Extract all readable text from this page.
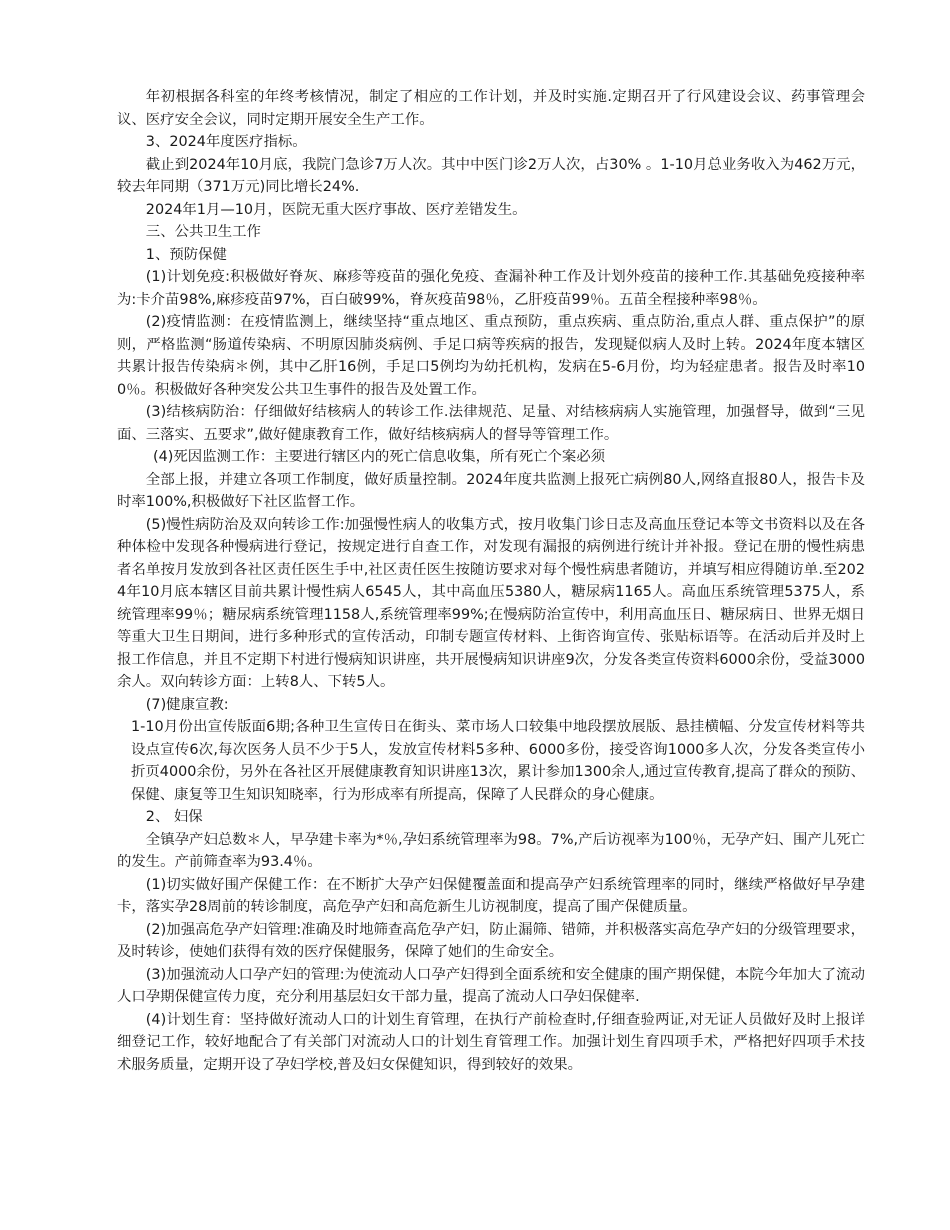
年初根据各科室的年终考核情况，制定了相应的工作计划，并及时实施.定期召开了行风建设会议、药事管理会议、医疗安全会议，同时定期开展安全生产工作。

3、2024年度医疗指标。

截止到2024年10月底，我院门急诊7万人次。其中中医门诊2万人次，占30% 。1-10月总业务收入为462万元，较去年同期（371万元)同比增长24%.

2024年1月—10月，医院无重大医疗事故、医疗差错发生。

三、公共卫生工作

1、预防保健

(1)计划免疫:积极做好脊灰、麻疹等疫苗的强化免疫、查漏补种工作及计划外疫苗的接种工作.其基础免疫接种率为:卡介苗98%,麻疹疫苗97%，百白破99%，脊灰疫苗98％，乙肝疫苗99％。五苗全程接种率98％。

(2)疫情监测：在疫情监测上，继续坚持“重点地区、重点预防，重点疾病、重点防治,重点人群、重点保护”的原则，严格监测“肠道传染病、不明原因肺炎病例、手足口病等疾病的报告，发现疑似病人及时上转。2024年度本辖区共累计报告传染病＊例，其中乙肝16例，手足口5例均为幼托机构，发病在5-6月份，均为轻症患者。报告及时率100％。积极做好各种突发公共卫生事件的报告及处置工作。

(3)结核病防治：仔细做好结核病人的转诊工作.法律规范、足量、对结核病病人实施管理，加强督导，做到“三见面、三落实、五要求”,做好健康教育工作，做好结核病病人的督导等管理工作。

(4)死因监测工作：主要进行辖区内的死亡信息收集，所有死亡个案必须

全部上报，并建立各项工作制度，做好质量控制。2024年度共监测上报死亡病例80人,网络直报80人，报告卡及时率100%,积极做好下社区监督工作。

(5)慢性病防治及双向转诊工作:加强慢性病人的收集方式，按月收集门诊日志及高血压登记本等文书资料以及在各种体检中发现各种慢病进行登记，按规定进行自查工作，对发现有漏报的病例进行统计并补报。登记在册的慢性病患者名单按月发放到各社区责任医生手中,社区责任医生按随访要求对每个慢性病患者随访，并填写相应得随访单.至2024年10月底本辖区目前共累计慢性病人6545人，其中高血压5380人，糖尿病1165人。高血压系统管理5375人，系统管理率99％；糖尿病系统管理1158人,系统管理率99%;在慢病防治宣传中，利用高血压日、糖尿病日、世界无烟日等重大卫生日期间，进行多种形式的宣传活动，印制专题宣传材料、上街咨询宣传、张贴标语等。在活动后并及时上报工作信息，并且不定期下村进行慢病知识讲座，共开展慢病知识讲座9次，分发各类宣传资料6000余份，受益3000余人。双向转诊方面：上转8人、下转5人。

(7)健康宣教:

1-10月份出宣传版面6期;各种卫生宣传日在街头、菜市场人口较集中地段摆放展版、悬挂横幅、分发宣传材料等共设点宣传6次,每次医务人员不少于5人，发放宣传材料5多种、6000多份，接受咨询1000多人次，分发各类宣传小折页4000余份，另外在各社区开展健康教育知识讲座13次，累计参加1300余人,通过宣传教育,提高了群众的预防、保健、康复等卫生知识知晓率，行为形成率有所提高，保障了人民群众的身心健康。

2、 妇保

全镇孕产妇总数＊人，早孕建卡率为*％,孕妇系统管理率为98。7%,产后访视率为100％，无孕产妇、围产儿死亡的发生。产前筛查率为93.4％。

(1)切实做好围产保健工作：在不断扩大孕产妇保健覆盖面和提高孕产妇系统管理率的同时，继续严格做好早孕建卡，落实孕28周前的转诊制度，高危孕产妇和高危新生儿访视制度，提高了围产保健质量。

(2)加强高危孕产妇管理:准确及时地筛查高危孕产妇，防止漏筛、错筛，并积极落实高危孕产妇的分级管理要求，及时转诊，使她们获得有效的医疗保健服务，保障了她们的生命安全。

(3)加强流动人口孕产妇的管理:为使流动人口孕产妇得到全面系统和安全健康的围产期保健，本院今年加大了流动人口孕期保健宣传力度，充分利用基层妇女干部力量，提高了流动人口孕妇保健率.

(4)计划生育：坚持做好流动人口的计划生育管理，在执行产前检查时,仔细查验两证,对无证人员做好及时上报详细登记工作，较好地配合了有关部门对流动人口的计划生育管理工作。加强计划生育四项手术，严格把好四项手术技术服务质量，定期开设了孕妇学校,普及妇女保健知识，得到较好的效果。
